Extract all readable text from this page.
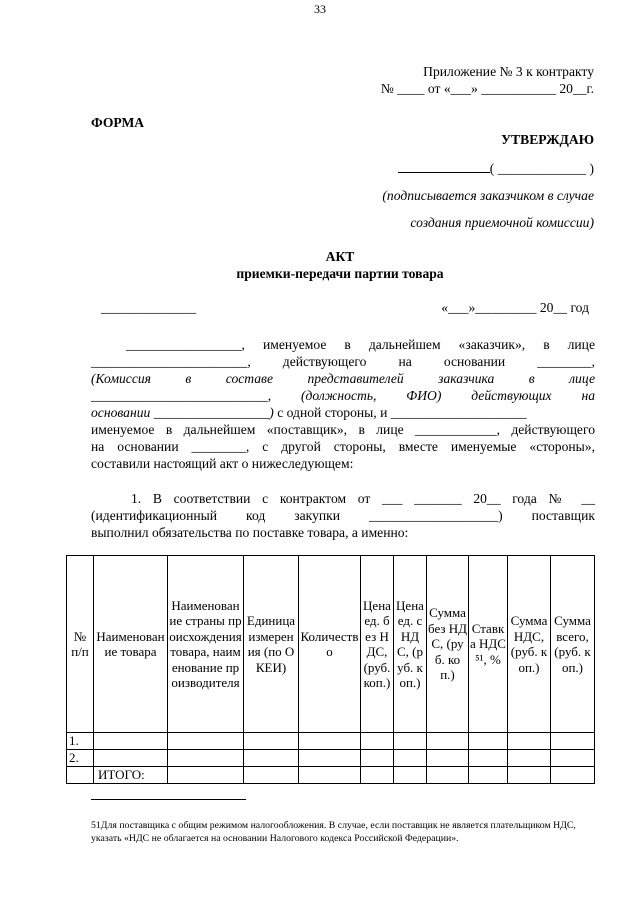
33
Приложение № 3 к контракту
№ ____ от «___» ___________ 20__г.
ФОРМА
УТВЕРЖДАЮ
( _____________ )
(подписывается заказчиком в случае
создания приемочной комиссии)
АКТ
приемки-передачи партии товара
______________	«___»_________ 20__ год
_________________, именуемое в дальнейшем «заказчик», в лице
_______________________, действующего на основании ________,
(Комиссия в составе представителей заказчика в лице
__________________________, (должность, ФИО) действующих на
основании _________________) с одной стороны, и ____________________
именуемое в дальнейшем «поставщик», в лице ____________, действующего
на основании ________, с другой стороны, вместе именуемые «стороны»,
составили настоящий акт о нижеследующем:
1. В соответствии с контрактом от ___ _______ 20__ года № __
(идентификационный код закупки ___________________) поставщик
выполнил обязательства по поставке товара, а именно:
№ п/п	Наименование товара	Наименование страны происхождения товара, наименование производителя	Единица измерения (по ОКЕИ)	Количество	Цена ед. без НДС, (руб. коп.)	Цена ед. с НДС, (руб. коп.)	Сумма без НДС, (руб. коп.)	Ставка НДС⁵¹, %	Сумма НДС, (руб. коп.)	Сумма всего, (руб. коп.)
1.										
2.										
	ИТОГО:									
51Для поставщика с общим режимом налогообложения. В случае, если поставщик не является плательщиком НДС, указать «НДС не облагается на основании Налогового кодекса Российской Федерации».
